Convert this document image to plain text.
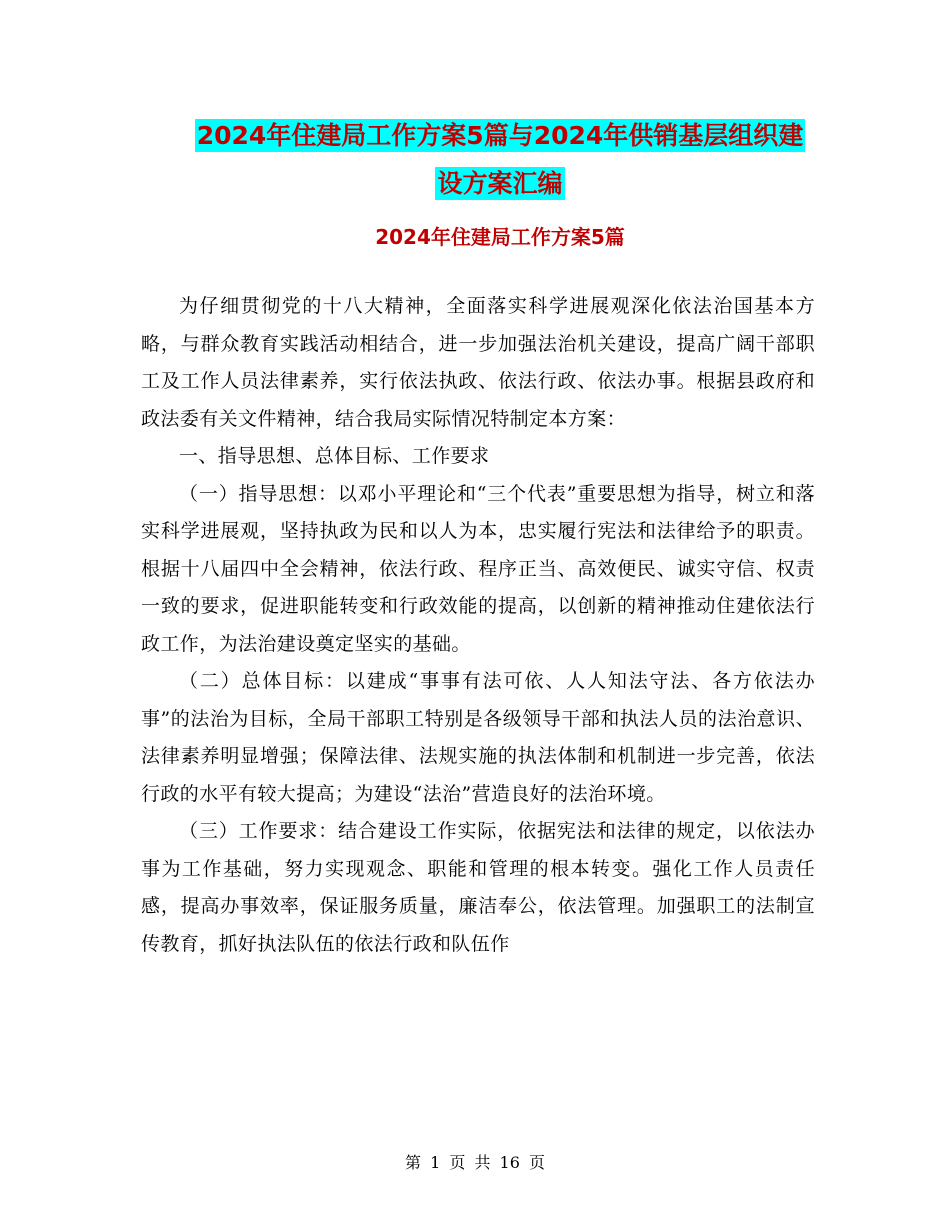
2024年住建局工作方案5篇与2024年供销基层组织建
设方案汇编
2024年住建局工作方案5篇

为仔细贯彻党的十八大精神，全面落实科学进展观深化依法治国基本方略，与群众教育实践活动相结合，进一步加强法治机关建设，提高广阔干部职工及工作人员法律素养，实行依法执政、依法行政、依法办事。根据县政府和政法委有关文件精神，结合我局实际情况特制定本方案：

一、指导思想、总体目标、工作要求

（一）指导思想：以邓小平理论和“三个代表”重要思想为指导，树立和落实科学进展观，坚持执政为民和以人为本，忠实履行宪法和法律给予的职责。根据十八届四中全会精神，依法行政、程序正当、高效便民、诚实守信、权责一致的要求，促进职能转变和行政效能的提高，以创新的精神推动住建依法行政工作，为法治建设奠定坚实的基础。

（二）总体目标：以建成“事事有法可依、人人知法守法、各方依法办事”的法治为目标，全局干部职工特别是各级领导干部和执法人员的法治意识、法律素养明显增强；保障法律、法规实施的执法体制和机制进一步完善，依法行政的水平有较大提高；为建设“法治”营造良好的法治环境。

（三）工作要求：结合建设工作实际，依据宪法和法律的规定，以依法办事为工作基础，努力实现观念、职能和管理的根本转变。强化工作人员责任感，提高办事效率，保证服务质量，廉洁奉公，依法管理。加强职工的法制宣传教育，抓好执法队伍的依法行政和队伍作

第 1 页 共 16 页
